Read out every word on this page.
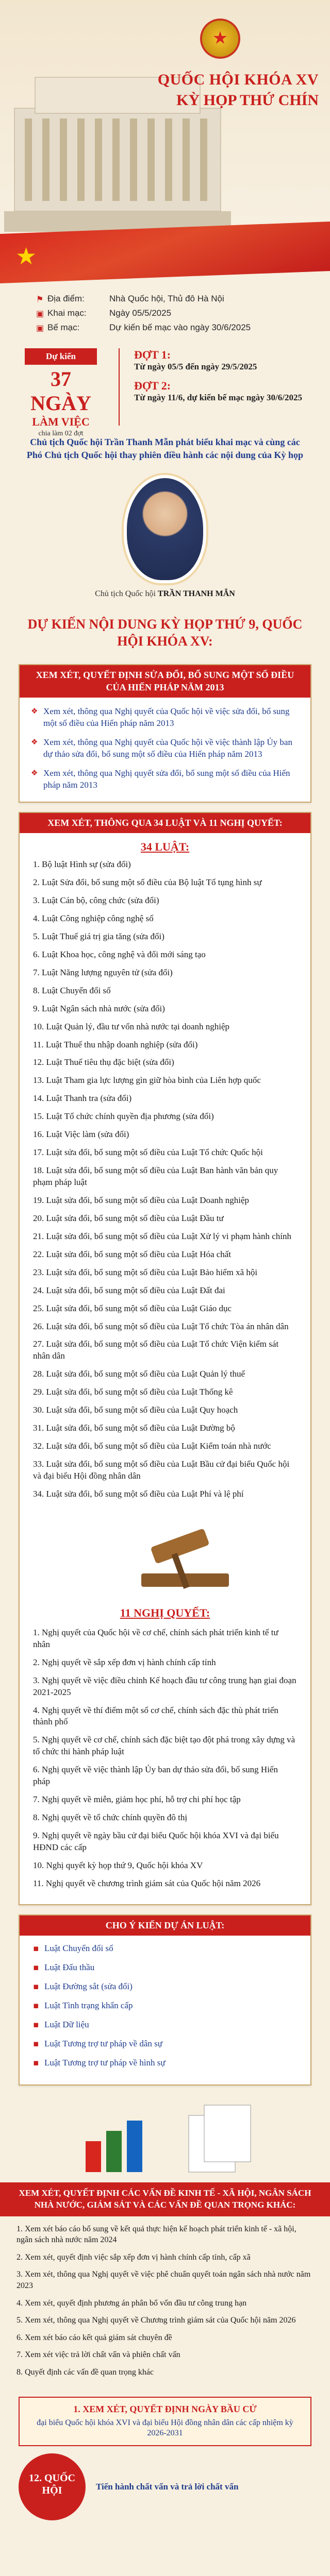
★
QUỐC HỘI KHÓA XV
KỲ HỌP THỨ CHÍN
★
⚑ Địa điểm:	Nhà Quốc hội, Thủ đô Hà Nội
▣ Khai mạc:	Ngày 05/5/2025
▣ Bế mạc:	Dự kiến bế mạc vào ngày 30/6/2025
Dự kiến
37 NGÀY
LÀM VIỆC
chia làm 02 đợt
ĐỢT 1:
Từ ngày 05/5 đến ngày 29/5/2025
ĐỢT 2:
Từ ngày 11/6, dự kiến bế mạc ngày 30/6/2025
Chủ tịch Quốc hội Trần Thanh Mẫn phát biểu khai mạc và cùng các Phó Chủ tịch Quốc hội thay phiên điều hành các nội dung của Kỳ họp
Chủ tịch Quốc hội TRẦN THANH MẪN
DỰ KIẾN NỘI DUNG KỲ HỌP THỨ 9, QUỐC HỘI KHÓA XV:
XEM XÉT, QUYẾT ĐỊNH SỬA ĐỔI, BỔ SUNG MỘT SỐ ĐIỀU CỦA HIẾN PHÁP NĂM 2013
❖ Xem xét, thông qua Nghị quyết của Quốc hội về việc sửa đổi, bổ sung một số điều của Hiến pháp năm 2013
❖ Xem xét, thông qua Nghị quyết của Quốc hội về việc thành lập Ủy ban dự thảo sửa đổi, bổ sung một số điều của Hiến pháp năm 2013
❖ Xem xét, thông qua Nghị quyết sửa đổi, bổ sung một số điều của Hiến pháp năm 2013
XEM XÉT, THÔNG QUA 34 LUẬT VÀ 11 NGHỊ QUYẾT:
34 LUẬT:
1. Bộ luật Hình sự (sửa đổi)
2. Luật Sửa đổi, bổ sung một số điều của Bộ luật Tố tụng hình sự
3. Luật Cán bộ, công chức (sửa đổi)
4. Luật Công nghiệp công nghệ số
5. Luật Thuế giá trị gia tăng (sửa đổi)
6. Luật Khoa học, công nghệ và đổi mới sáng tạo
7. Luật Năng lượng nguyên tử (sửa đổi)
8. Luật Chuyển đổi số
9. Luật Ngân sách nhà nước (sửa đổi)
10. Luật Quản lý, đầu tư vốn nhà nước tại doanh nghiệp
11. Luật Thuế thu nhập doanh nghiệp (sửa đổi)
12. Luật Thuế tiêu thụ đặc biệt (sửa đổi)
13. Luật Tham gia lực lượng gìn giữ hòa bình của Liên hợp quốc
14. Luật Thanh tra (sửa đổi)
15. Luật Tổ chức chính quyền địa phương (sửa đổi)
16. Luật Việc làm (sửa đổi)
17. Luật sửa đổi, bổ sung một số điều của Luật Tổ chức Quốc hội
18. Luật sửa đổi, bổ sung một số điều của Luật Ban hành văn bản quy phạm pháp luật
19. Luật sửa đổi, bổ sung một số điều của Luật Doanh nghiệp
20. Luật sửa đổi, bổ sung một số điều của Luật Đầu tư
21. Luật sửa đổi, bổ sung một số điều của Luật Xử lý vi phạm hành chính
22. Luật sửa đổi, bổ sung một số điều của Luật Hóa chất
23. Luật sửa đổi, bổ sung một số điều của Luật Bảo hiểm xã hội
24. Luật sửa đổi, bổ sung một số điều của Luật Đất đai
25. Luật sửa đổi, bổ sung một số điều của Luật Giáo dục
26. Luật sửa đổi, bổ sung một số điều của Luật Tổ chức Tòa án nhân dân
27. Luật sửa đổi, bổ sung một số điều của Luật Tổ chức Viện kiểm sát nhân dân
28. Luật sửa đổi, bổ sung một số điều của Luật Quản lý thuế
29. Luật sửa đổi, bổ sung một số điều của Luật Thống kê
30. Luật sửa đổi, bổ sung một số điều của Luật Quy hoạch
31. Luật sửa đổi, bổ sung một số điều của Luật Đường bộ
32. Luật sửa đổi, bổ sung một số điều của Luật Kiểm toán nhà nước
33. Luật sửa đổi, bổ sung một số điều của Luật Bầu cử đại biểu Quốc hội và đại biểu Hội đồng nhân dân
34. Luật sửa đổi, bổ sung một số điều của Luật Phí và lệ phí
11 NGHỊ QUYẾT:
1. Nghị quyết của Quốc hội về cơ chế, chính sách phát triển kinh tế tư nhân
2. Nghị quyết về sắp xếp đơn vị hành chính cấp tỉnh
3. Nghị quyết về việc điều chỉnh Kế hoạch đầu tư công trung hạn giai đoạn 2021-2025
4. Nghị quyết về thí điểm một số cơ chế, chính sách đặc thù phát triển thành phố
5. Nghị quyết về cơ chế, chính sách đặc biệt tạo đột phá trong xây dựng và tổ chức thi hành pháp luật
6. Nghị quyết về việc thành lập Ủy ban dự thảo sửa đổi, bổ sung Hiến pháp
7. Nghị quyết về miễn, giảm học phí, hỗ trợ chi phí học tập
8. Nghị quyết về tổ chức chính quyền đô thị
9. Nghị quyết về ngày bầu cử đại biểu Quốc hội khóa XVI và đại biểu HĐND các cấp
10. Nghị quyết kỳ họp thứ 9, Quốc hội khóa XV
11. Nghị quyết về chương trình giám sát của Quốc hội năm 2026
CHO Ý KIẾN DỰ ÁN LUẬT:
▪ Luật Chuyển đổi số
▪ Luật Đấu thầu
▪ Luật Đường sắt (sửa đổi)
▪ Luật Tình trạng khẩn cấp
▪ Luật Dữ liệu
▪ Luật Tương trợ tư pháp về dân sự
▪ Luật Tương trợ tư pháp về hình sự
XEM XÉT, QUYẾT ĐỊNH CÁC VẤN ĐỀ KINH TẾ - XÃ HỘI, NGÂN SÁCH NHÀ NƯỚC, GIÁM SÁT VÀ CÁC VẤN ĐỀ QUAN TRỌNG KHÁC:
1. Xem xét báo cáo bổ sung về kết quả thực hiện kế hoạch phát triển kinh tế - xã hội, ngân sách nhà nước năm 2024
2. Xem xét, quyết định việc sắp xếp đơn vị hành chính cấp tỉnh, cấp xã
3. Xem xét, thông qua Nghị quyết về việc phê chuẩn quyết toán ngân sách nhà nước năm 2023
4. Xem xét, quyết định phương án phân bổ vốn đầu tư công trung hạn
5. Xem xét, thông qua Nghị quyết về Chương trình giám sát của Quốc hội năm 2026
6. Xem xét báo cáo kết quả giám sát chuyên đề
7. Xem xét việc trả lời chất vấn và phiên chất vấn
8. Quyết định các vấn đề quan trọng khác
1. XEM XÉT, QUYẾT ĐỊNH NGÀY BẦU CỬ
đại biểu Quốc hội khóa XVI và đại biểu Hội đồng nhân dân các cấp nhiệm kỳ 2026-2031
12. QUỐC HỘI	Tiến hành chất vấn và trả lời chất vấn
